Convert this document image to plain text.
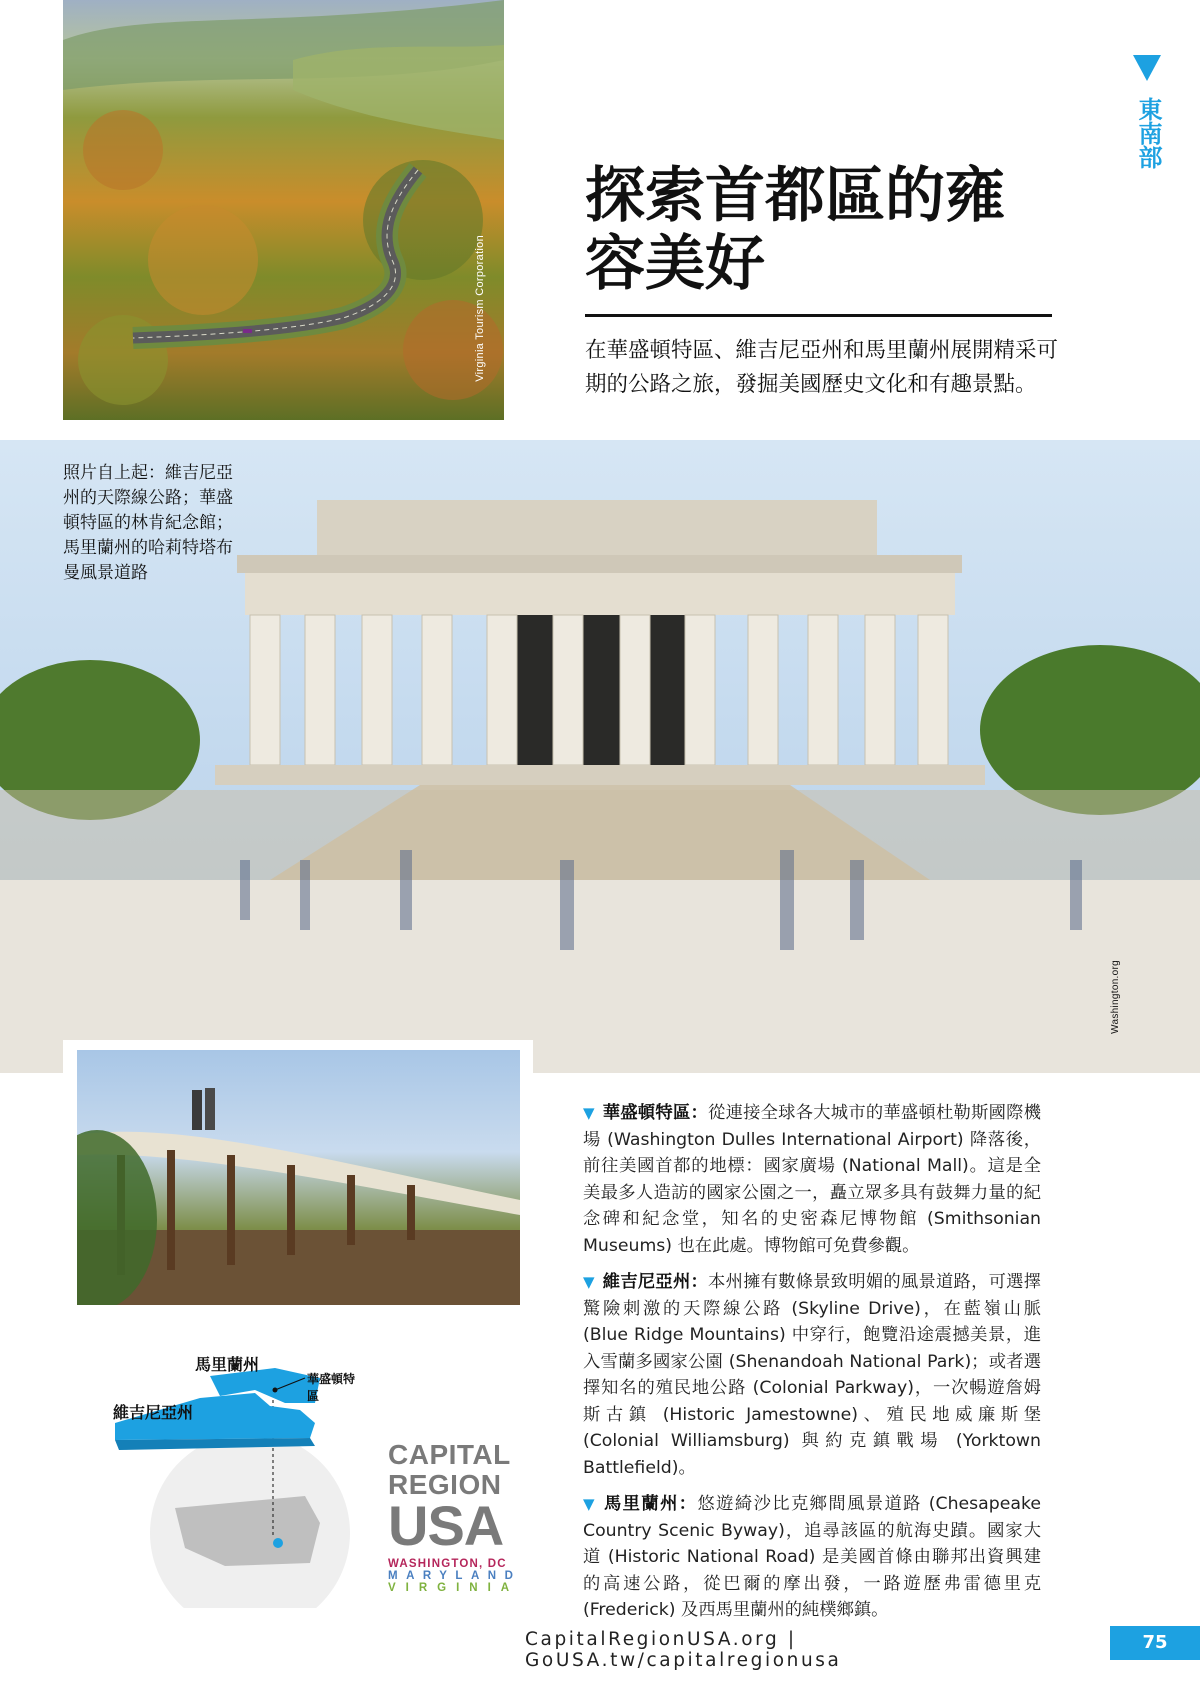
Virginia Tourism Corporation
東南部
探索首都區的雍容美好
在華盛頓特區、維吉尼亞州和馬里蘭州展開精采可期的公路之旅，發掘美國歷史文化和有趣景點。
Washington.org
照片自上起：維吉尼亞州的天際線公路；華盛頓特區的林肯紀念館；馬里蘭州的哈莉特塔布曼風景道路
馬里蘭州
華盛頓特區
維吉尼亞州
CAPITAL
REGION
USA
WASHINGTON, DC
MARYLAND
VIRGINIA

▼ 華盛頓特區：從連接全球各大城市的華盛頓杜勒斯國際機場 (Washington Dulles International Airport) 降落後，前往美國首都的地標：國家廣場 (National Mall)。這是全美最多人造訪的國家公園之一，矗立眾多具有鼓舞力量的紀念碑和紀念堂，知名的史密森尼博物館 (Smithsonian Museums) 也在此處。博物館可免費參觀。

▼ 維吉尼亞州：本州擁有數條景致明媚的風景道路，可選擇驚險刺激的天際線公路 (Skyline Drive)，在藍嶺山脈 (Blue Ridge Mountains) 中穿行，飽覽沿途震撼美景，進入雪蘭多國家公園 (Shenandoah National Park)；或者選擇知名的殖民地公路 (Colonial Parkway)，一次暢遊詹姆斯古鎮 (Historic Jamestowne)、殖民地威廉斯堡 (Colonial Williamsburg) 與約克鎮戰場 (Yorktown Battlefield)。

▼ 馬里蘭州：悠遊綺沙比克鄉間風景道路 (Chesapeake Country Scenic Byway)，追尋該區的航海史蹟。國家大道 (Historic National Road) 是美國首條由聯邦出資興建的高速公路，從巴爾的摩出發，一路遊歷弗雷德里克 (Frederick) 及西馬里蘭州的純樸鄉鎮。

CapitalRegionUSA.org | GoUSA.tw/capitalregionusa
75
